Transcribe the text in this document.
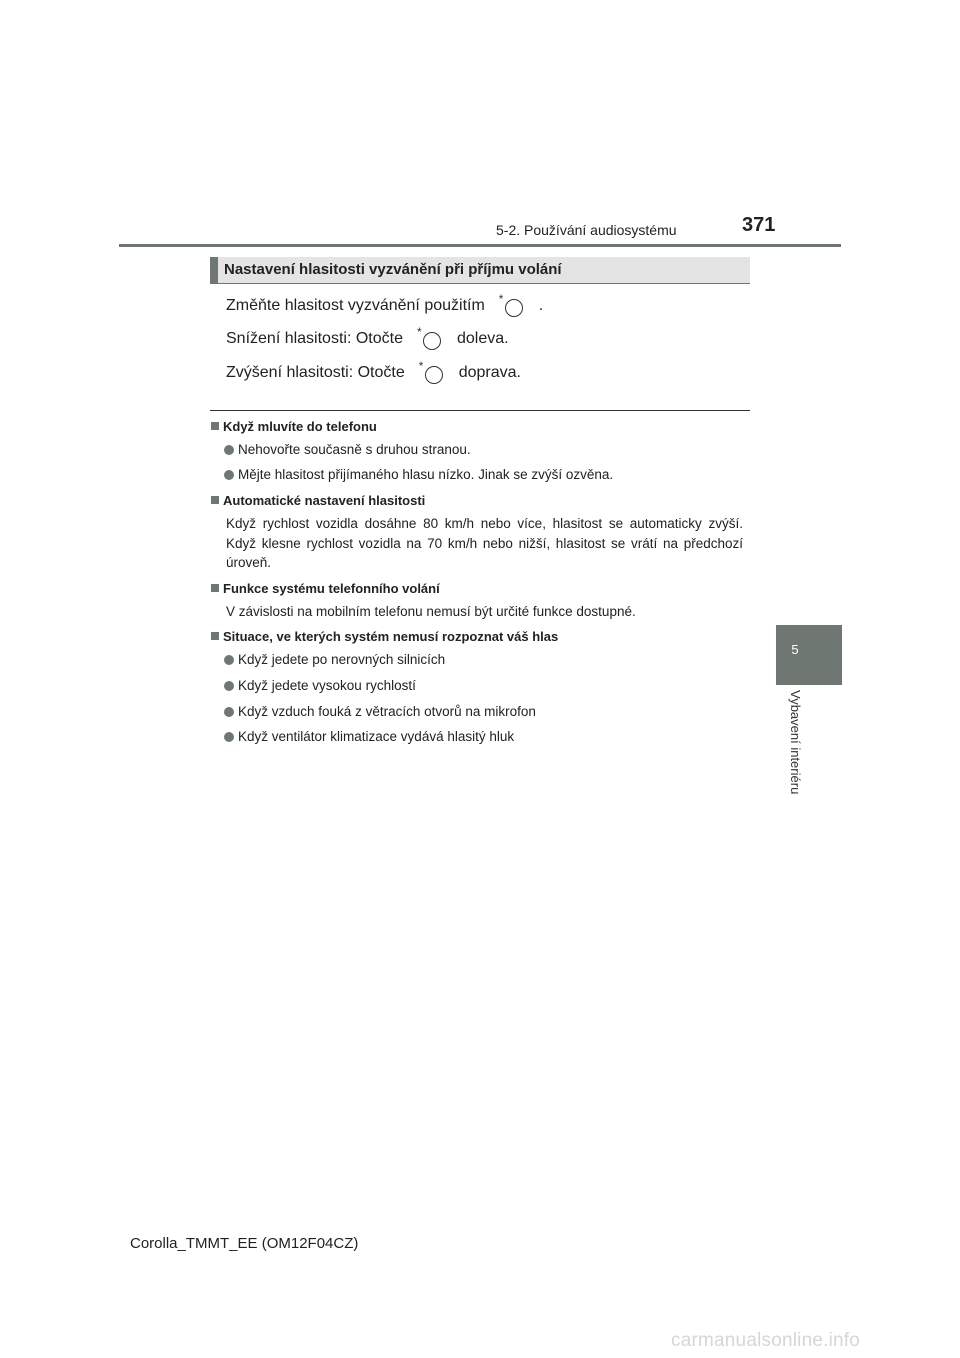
5-2. Používání audiosystému	371
5
Vybavení interiéru
Nastavení hlasitosti vyzvánění při příjmu volání
Změňte hlasitost vyzvánění použitím * .
Snížení hlasitosti: Otočte * doleva.
Zvýšení hlasitosti: Otočte * doprava.
Když mluvíte do telefonu
Nehovořte současně s druhou stranou.
Mějte hlasitost přijímaného hlasu nízko. Jinak se zvýší ozvěna.
Automatické nastavení hlasitosti
Když rychlost vozidla dosáhne 80 km/h nebo více, hlasitost se automaticky zvýší. Když klesne rychlost vozidla na 70 km/h nebo nižší, hlasitost se vrátí na předchozí úroveň.
Funkce systému telefonního volání
V závislosti na mobilním telefonu nemusí být určité funkce dostupné.
Situace, ve kterých systém nemusí rozpoznat váš hlas
Když jedete po nerovných silnicích
Když jedete vysokou rychlostí
Když vzduch fouká z větracích otvorů na mikrofon
Když ventilátor klimatizace vydává hlasitý hluk
Corolla_TMMT_EE (OM12F04CZ)
carmanualsonline.info
